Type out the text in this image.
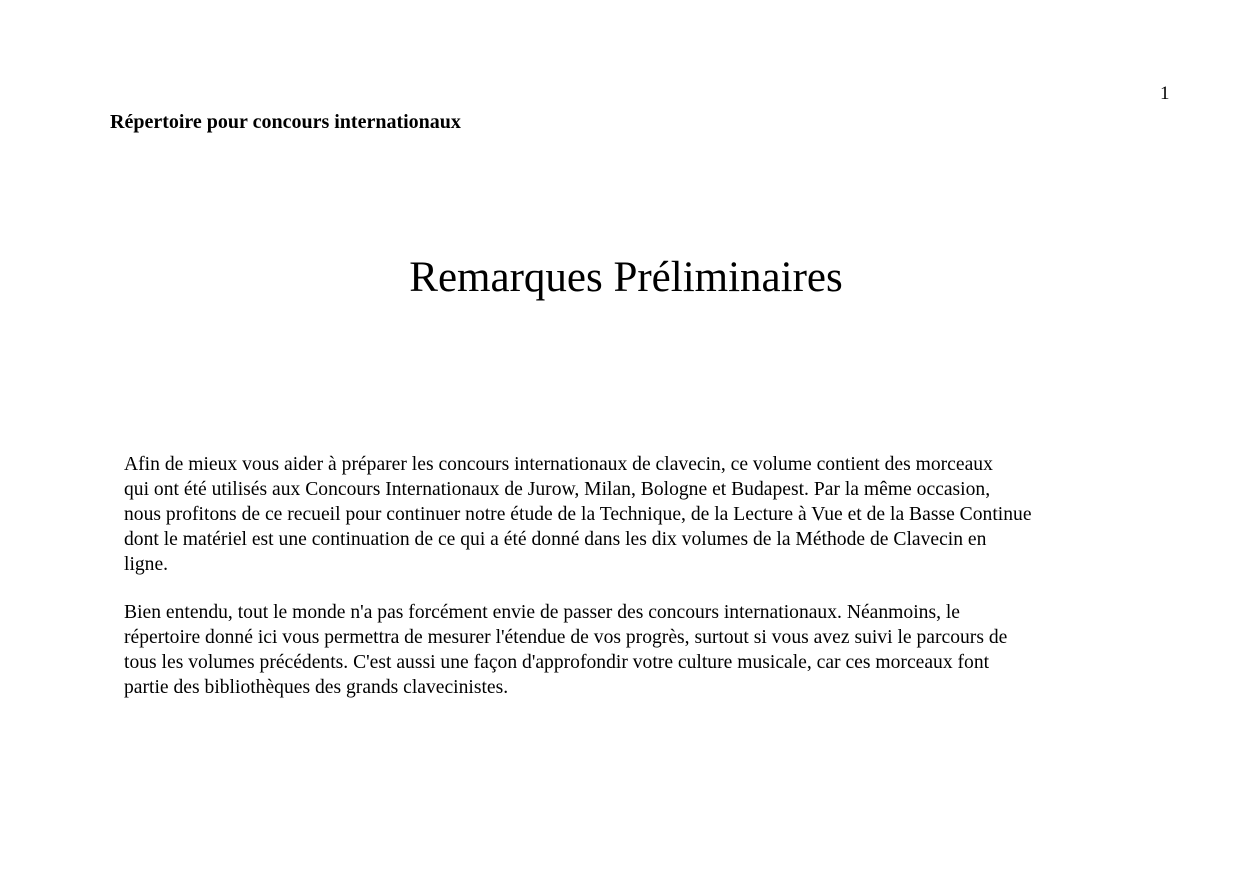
1
Répertoire pour concours internationaux
Remarques Préliminaires
Afin de mieux vous aider à préparer les concours internationaux de clavecin, ce volume contient des morceaux
qui ont été utilisés aux Concours Internationaux de Jurow, Milan, Bologne et Budapest. Par la même occasion,
nous profitons de ce recueil pour continuer notre étude de la Technique, de la Lecture à Vue et de la Basse Continue
dont le matériel est une continuation de ce qui a été donné dans les dix volumes de la Méthode de Clavecin en
ligne.
Bien entendu, tout le monde n'a pas forcément envie de passer des concours internationaux. Néanmoins, le
répertoire donné ici vous permettra de mesurer l'étendue de vos progrès, surtout si vous avez suivi le parcours de
tous les volumes précédents. C'est aussi une façon d'approfondir votre culture musicale, car ces morceaux font
partie des bibliothèques des grands clavecinistes.
